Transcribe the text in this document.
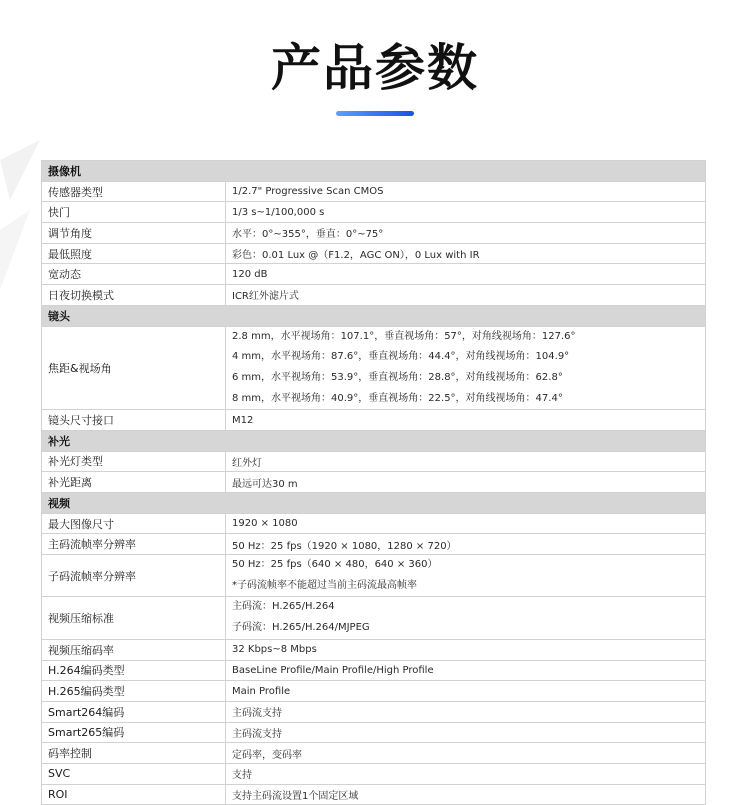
产品参数
摄像机	
传感器类型	1/2.7" Progressive Scan CMOS
快门	1/3 s~1/100,000 s
调节角度	水平：0°~355°，垂直：0°~75°
最低照度	彩色：0.01 Lux @（F1.2，AGC ON），0 Lux with IR
宽动态	120 dB
日夜切换模式	ICR红外滤片式
镜头	
焦距&视场角	2.8 mm，水平视场角：107.1°，垂直视场角：57°，对角线视场角：127.6°
4 mm，水平视场角：87.6°，垂直视场角：44.4°，对角线视场角：104.9°
6 mm，水平视场角：53.9°，垂直视场角：28.8°，对角线视场角：62.8°
8 mm，水平视场角：40.9°，垂直视场角：22.5°，对角线视场角：47.4°

镜头尺寸接口	M12
补光	
补光灯类型	红外灯
补光距离	最远可达30 m
视频	
最大图像尺寸	1920 × 1080
主码流帧率分辨率	50 Hz：25 fps（1920 × 1080，1280 × 720）
子码流帧率分辨率	50 Hz：25 fps（640 × 480，640 × 360）
*子码流帧率不能超过当前主码流最高帧率

视频压缩标准	主码流：H.265/H.264
子码流：H.265/H.264/MJPEG

视频压缩码率	32 Kbps~8 Mbps
H.264编码类型	BaseLine Profile/Main Profile/High Profile
H.265编码类型	Main Profile
Smart264编码	主码流支持
Smart265编码	主码流支持
码率控制	定码率，变码率
SVC	支持
ROI	支持主码流设置1个固定区域
